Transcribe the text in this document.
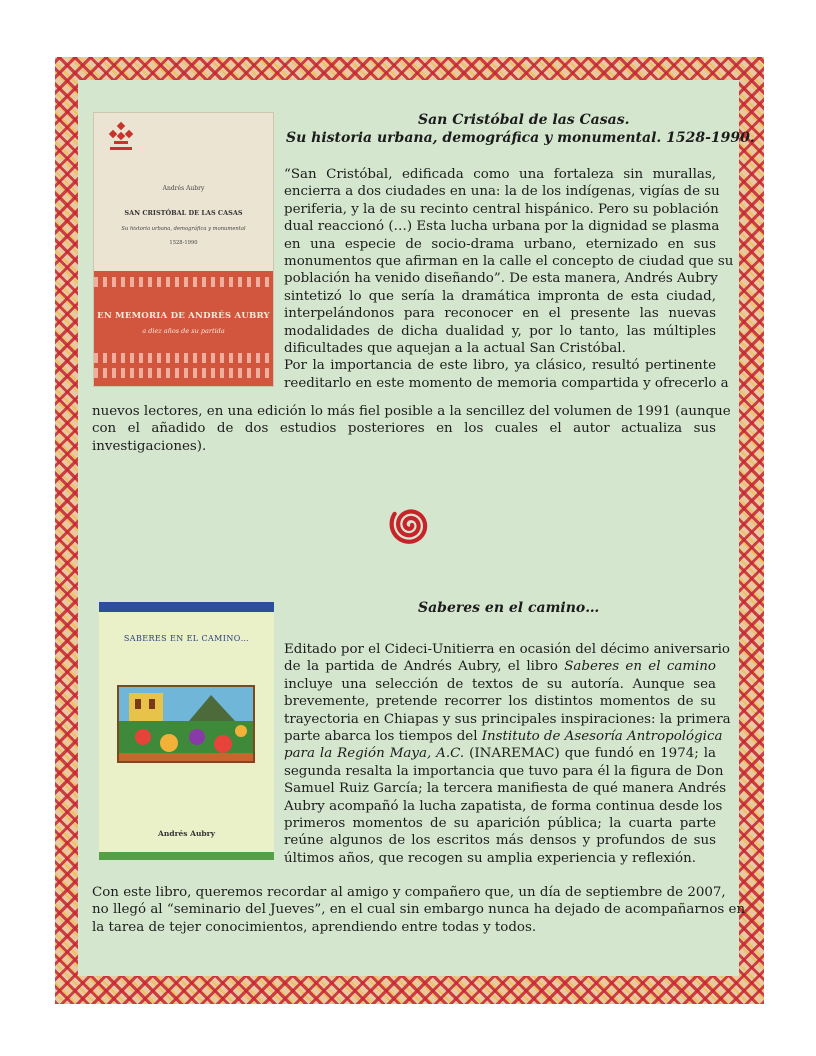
San Cristóbal de las Casas.
Su historia urbana, demográfica y monumental. 1528-1990.
Andrés Aubry
SAN CRISTÓBAL DE LAS CASAS
Su historia urbana, demográfica y monumental
1528-1990
EN MEMORIA DE ANDRÉS AUBRY
a diez años de su partida
“San Cristóbal, edificada como una fortaleza sin murallas,
encierra a dos ciudades en una: la de los indígenas, vigías de su
periferia, y la de su recinto central hispánico. Pero su población
dual reaccionó (…) Esta lucha urbana por la dignidad se plasma
en una especie de socio-drama urbano, eternizado en sus
monumentos que afirman en la calle el concepto de ciudad que su
población ha venido diseñando”. De esta manera, Andrés Aubry
sintetizó lo que sería la dramática impronta de esta ciudad,
interpelándonos para reconocer en el presente las nuevas
modalidades de dicha dualidad y, por lo tanto, las múltiples
dificultades que aquejan a la actual San Cristóbal.
Por la importancia de este libro, ya clásico, resultó pertinente
reeditarlo en este momento de memoria compartida y ofrecerlo a
nuevos lectores, en una edición lo más fiel posible a la sencillez del volumen de 1991 (aunque
con el añadido de dos estudios posteriores en los cuales el autor actualiza sus
investigaciones).
Saberes en el camino…
SABERES EN EL CAMINO…
Andrés Aubry
Editado por el Cideci-Unitierra en ocasión del décimo aniversario
de la partida de Andrés Aubry, el libro Saberes en el camino
incluye una selección de textos de su autoría. Aunque sea
brevemente, pretende recorrer los distintos momentos de su
trayectoria en Chiapas y sus principales inspiraciones: la primera
parte abarca los tiempos del Instituto de Asesoría Antropológica
para la Región Maya, A.C. (INAREMAC) que fundó en 1974; la
segunda resalta la importancia que tuvo para él la figura de Don
Samuel Ruiz García; la tercera manifiesta de qué manera Andrés
Aubry acompañó la lucha zapatista, de forma continua desde los
primeros momentos de su aparición pública; la cuarta parte
reúne algunos de los escritos más densos y profundos de sus
últimos años, que recogen su amplia experiencia y reflexión.
Con este libro, queremos recordar al amigo y compañero que, un día de septiembre de 2007,
no llegó al “seminario del Jueves”, en el cual sin embargo nunca ha dejado de acompañarnos en
la tarea de tejer conocimientos, aprendiendo entre todas y todos.
